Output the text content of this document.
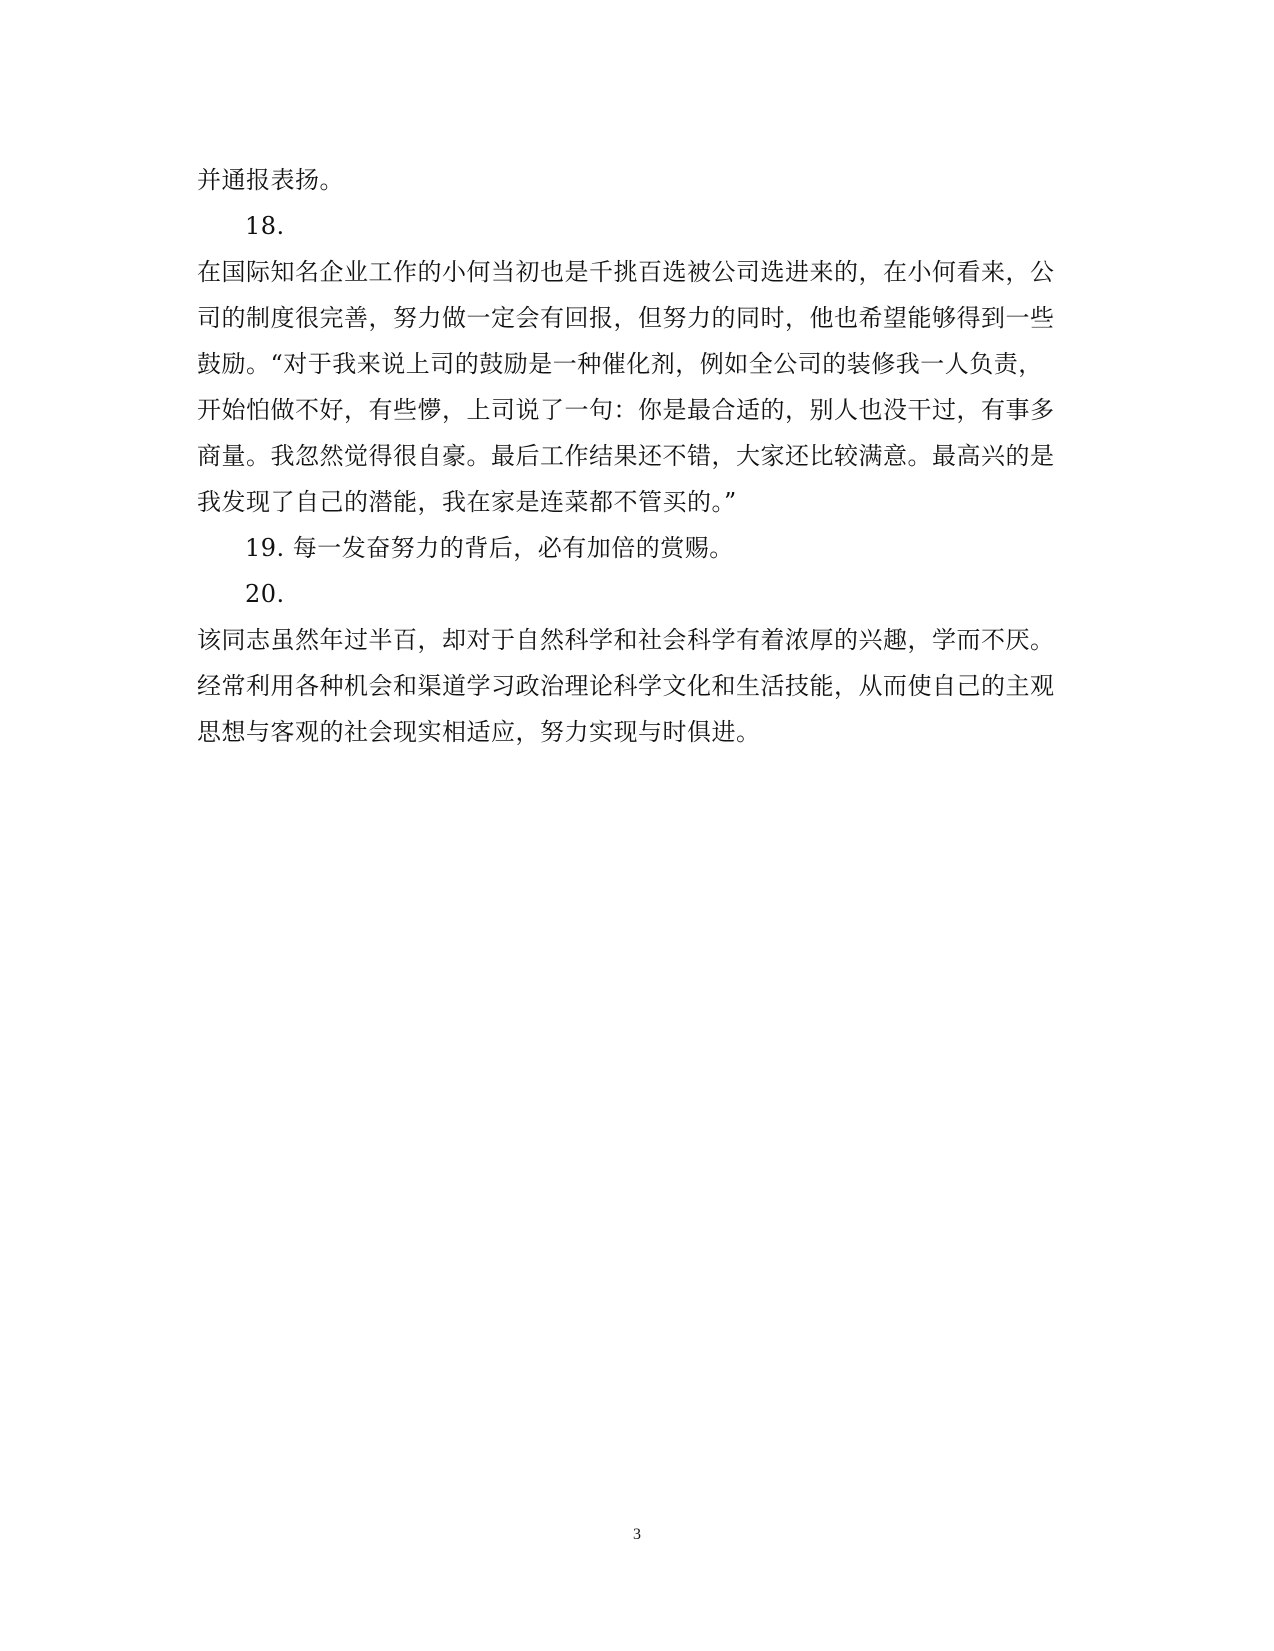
并通报表扬。
18.
在国际知名企业工作的小何当初也是千挑百选被公司选进来的，在小何看来，公
司的制度很完善，努力做一定会有回报，但努力的同时，他也希望能够得到一些
鼓励。“对于我来说上司的鼓励是一种催化剂，例如全公司的装修我一人负责，
开始怕做不好，有些懜，上司说了一句：你是最合适的，别人也没干过，有事多
商量。我忽然觉得很自豪。最后工作结果还不错，大家还比较满意。最高兴的是
我发现了自己的潜能，我在家是连菜都不管买的。”
19. 每一发奋努力的背后，必有加倍的赏赐。
20.
该同志虽然年过半百，却对于自然科学和社会科学有着浓厚的兴趣，学而不厌。
经常利用各种机会和渠道学习政治理论科学文化和生活技能，从而使自己的主观
思想与客观的社会现实相适应，努力实现与时俱进。
3
